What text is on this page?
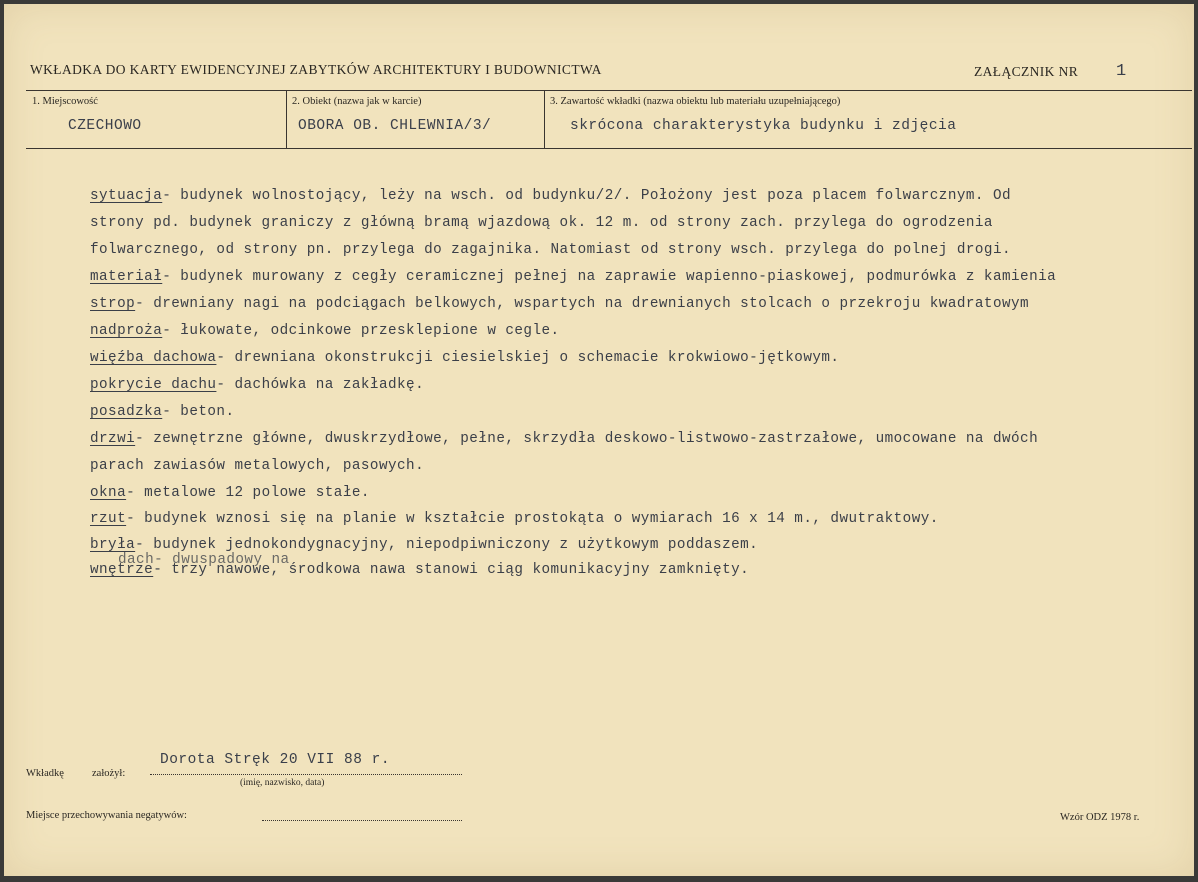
WKŁADKA DO KARTY EWIDENCYJNEJ ZABYTKÓW ARCHITEKTURY I BUDOWNICTWA	ZAŁĄCZNIK NR 1
1. Miejscowość	2. Obiekt (nazwa jak w karcie)	3. Zawartość wkładki (nazwa obiektu lub materiału uzupełniającego)
CZECHOWO	OBORA OB. CHLEWNIA/3/	skrócona charakterystyka budynku i zdjęcia
sytuacja- budynek wolnostojący, leży na wsch. od budynku/2/. Położony jest poza placem folwarcznym. Od
strony pd. budynek graniczy z główną bramą wjazdową ok. 12 m. od strony zach. przylega do ogrodzenia
folwarcznego, od strony pn. przylega do zagajnika. Natomiast od strony wsch. przylega do polnej drogi.
materiał- budynek murowany z cegły ceramicznej pełnej na zaprawie wapienno-piaskowej, podmurówka z kamienia
strop- drewniany nagi na podciągach belkowych, wspartych na drewnianych stolcach o przekroju kwadratowym
nadproża- łukowate, odcinkowe przesklepione w cegle.
więźba dachowa- drewniana okonstrukcji ciesielskiej o schemacie krokwiowo-jętkowym.
pokrycie dachu- dachówka na zakładkę.
posadzka- beton.
drzwi- zewnętrzne główne, dwuskrzydłowe, pełne, skrzydła deskowo-listwowo-zastrzałowe, umocowane na dwóch
parach zawiasów metalowych, pasowych.
okna- metalowe 12 polowe stałe.
rzut- budynek wznosi się na planie w kształcie prostokąta o wymiarach 16 x 14 m., dwutraktowy.
bryła- budynek jednokondygnacyjny, niepodpiwniczony z użytkowym poddaszem.
wnętrze- trzy nawowe, środkowa nawa stanowi ciąg komunikacyjny zamknięty.
dach- dwuspadowy na
Wkładkę	założył:
Dorota Stręk 20 VII 88 r.
(imię, nazwisko, data)
Miejsce przechowywania negatywów:	Wzór ODZ 1978 r.
